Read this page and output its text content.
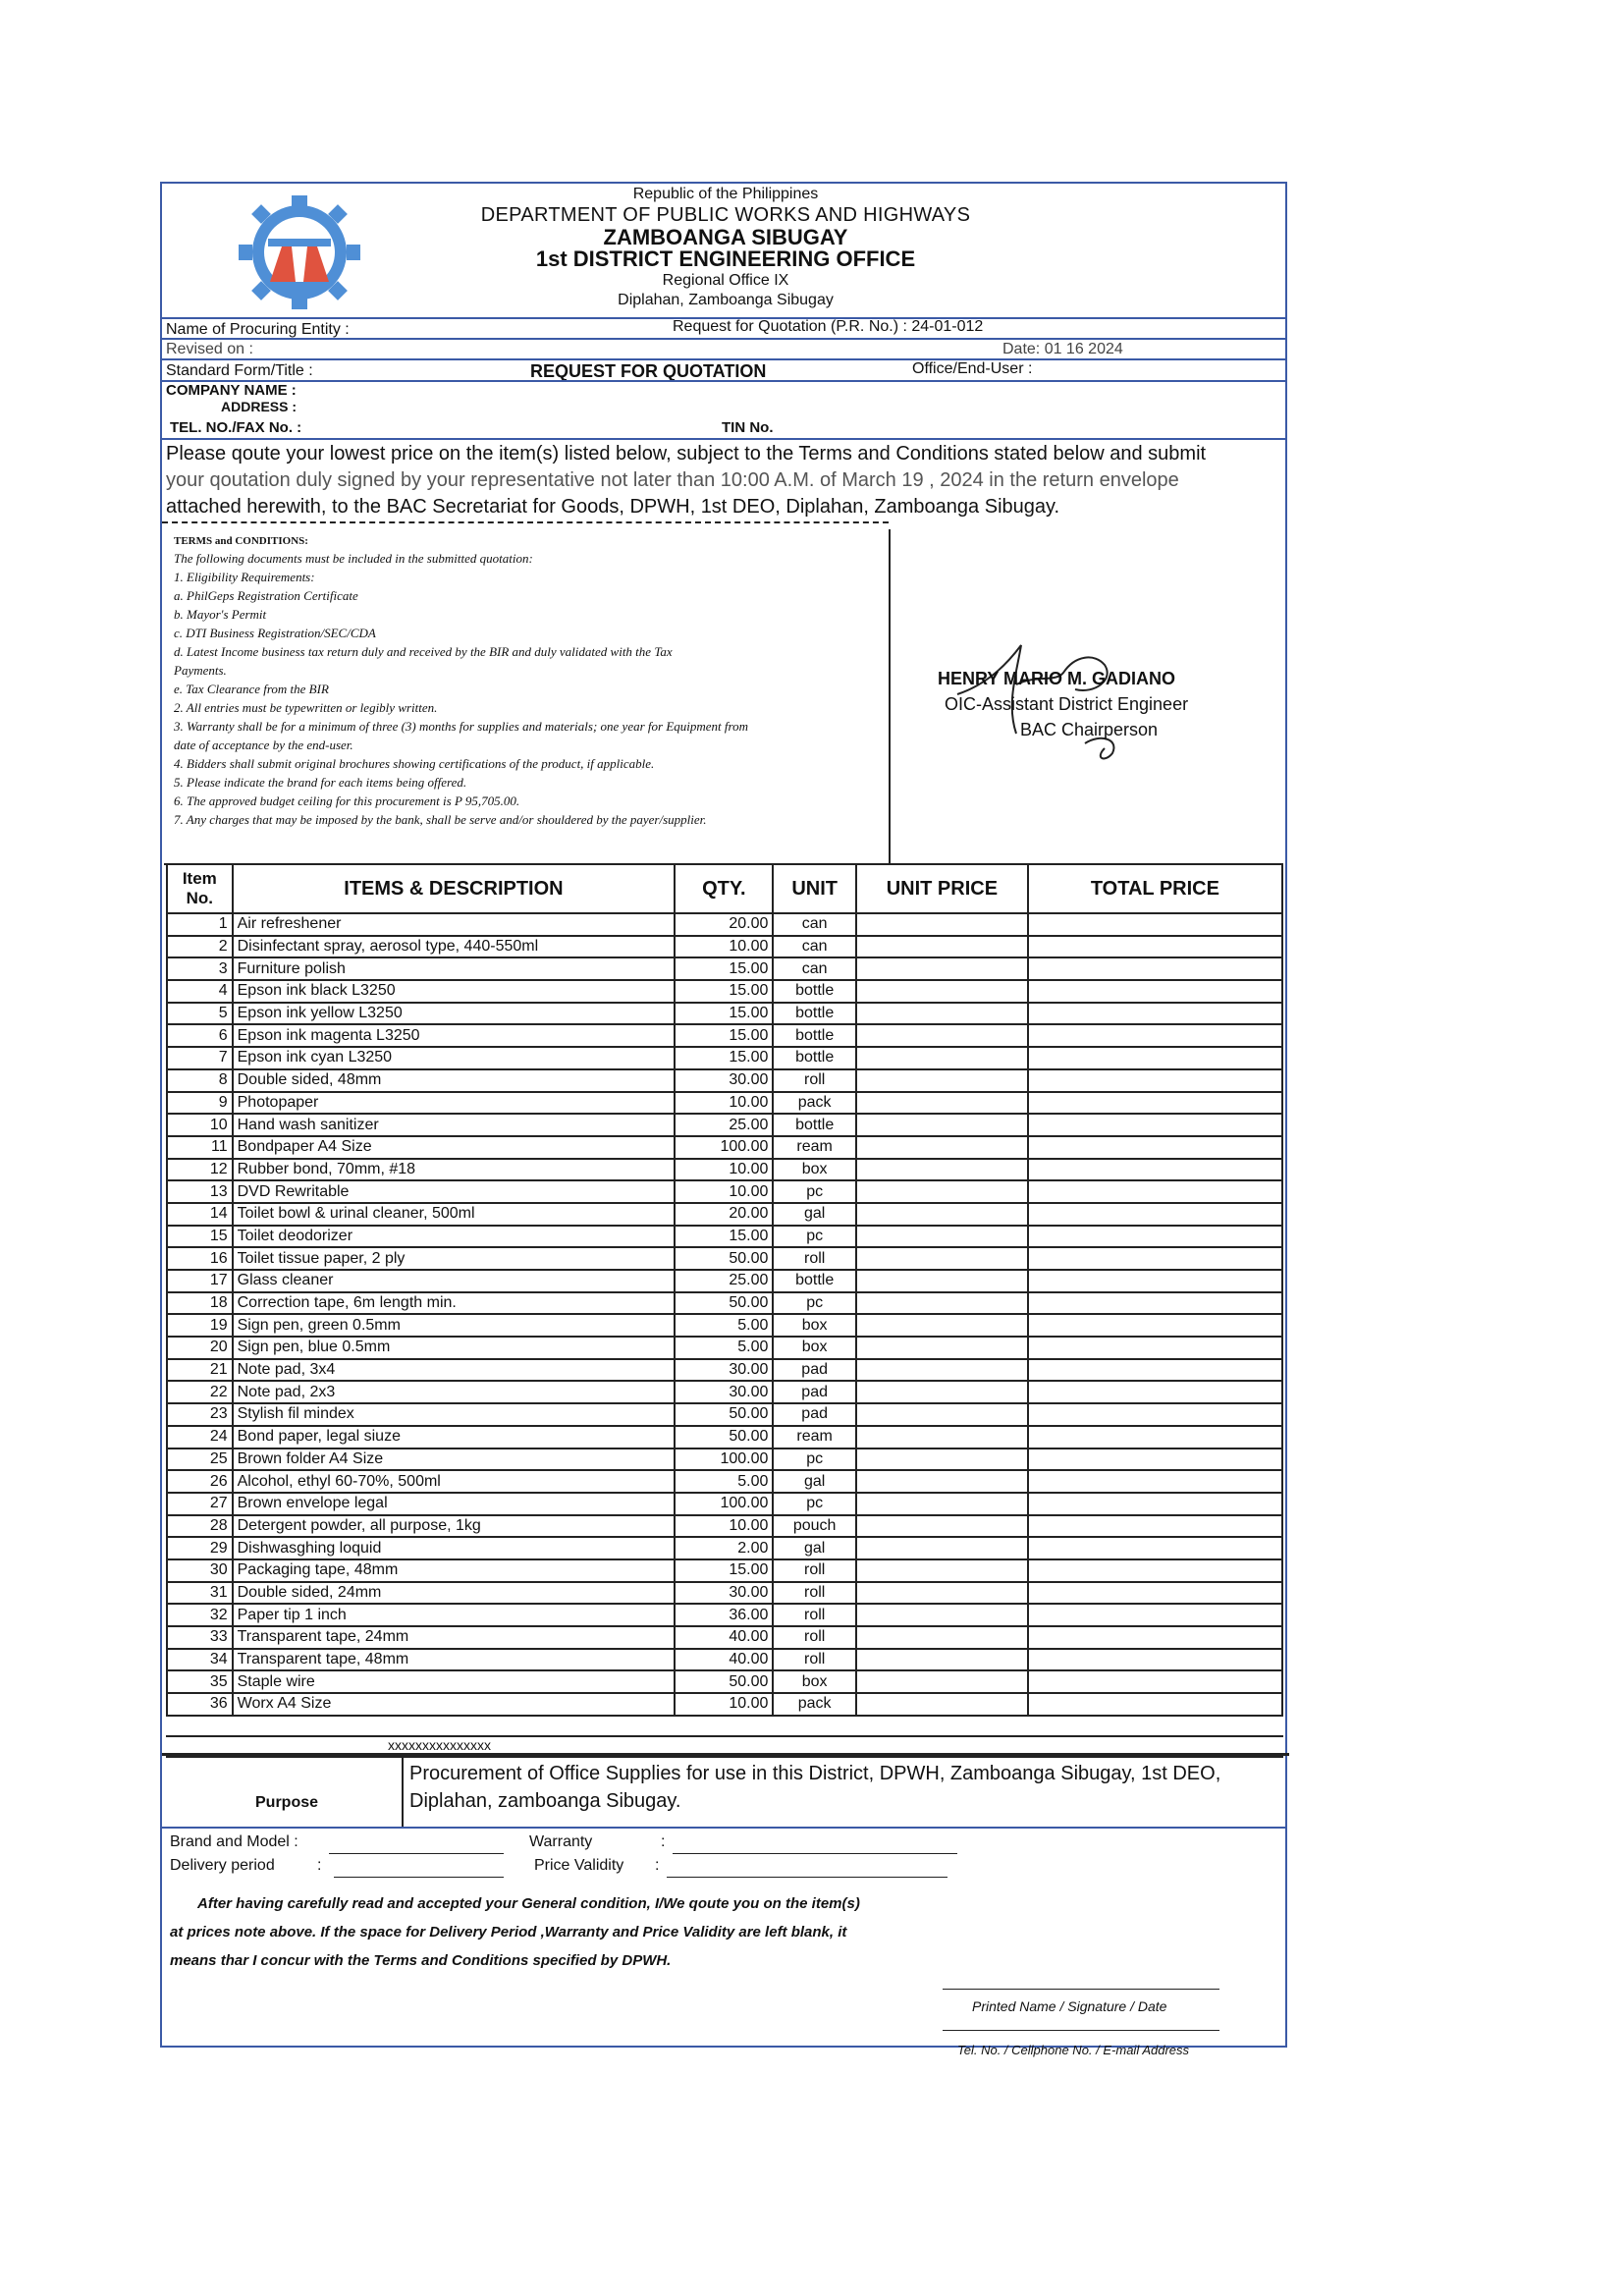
Republic of the Philippines
DEPARTMENT OF PUBLIC WORKS AND HIGHWAYS
ZAMBOANGA SIBUGAY
1st DISTRICT ENGINEERING OFFICE
Regional Office IX
Diplahan, Zamboanga Sibugay
Name of Procuring Entity :	Request for Quotation (P.R. No.) : 24-01-012
Revised on :	Date: 01 16 2024
Standard Form/Title :	REQUEST FOR QUOTATION	Office/End-User :
COMPANY NAME :
ADDRESS :
TEL. NO./FAX No. :	TIN No.
Please qoute your lowest price on the item(s) listed below, subject to the Terms and Conditions stated below and submit
your qoutation duly signed by your representative not later than 10:00 A.M. of March 19 , 2024 in the return envelope
attached herewith, to the BAC Secretariat for Goods, DPWH, 1st DEO, Diplahan, Zamboanga Sibugay.
TERMS and CONDITIONS:
The following documents must be included in the submitted quotation:
1. Eligibility Requirements:
a. PhilGeps Registration Certificate
b. Mayor's Permit
c. DTI Business Registration/SEC/CDA
d. Latest Income business tax return duly and received by the BIR and duly validated with the Tax
Payments.
e. Tax Clearance from the BIR
2. All entries must be typewritten or legibly written.
3. Warranty shall be for a minimum of three (3) months for supplies and materials; one year for Equipment from
date of acceptance by the end-user.
4. Bidders shall submit original brochures showing certifications of the product, if applicable.
5. Please indicate the brand for each items being offered.
6. The approved budget ceiling for this procurement is P 95,705.00.
7. Any charges that may be imposed by the bank, shall be serve and/or shouldered by the payer/supplier.
HENRY MARIO M. GADIANO
OIC-Assistant District Engineer
BAC Chairperson
Item No.	ITEMS & DESCRIPTION	QTY.	UNIT	UNIT PRICE	TOTAL PRICE
1	Air refreshener	20.00	can		
2	Disinfectant spray, aerosol type, 440-550ml	10.00	can		
3	Furniture polish	15.00	can		
4	Epson ink black L3250	15.00	bottle		
5	Epson ink yellow L3250	15.00	bottle		
6	Epson ink magenta L3250	15.00	bottle		
7	Epson ink cyan L3250	15.00	bottle		
8	Double sided, 48mm	30.00	roll		
9	Photopaper	10.00	pack		
10	Hand wash sanitizer	25.00	bottle		
11	Bondpaper A4 Size	100.00	ream		
12	Rubber bond, 70mm, #18	10.00	box		
13	DVD Rewritable	10.00	pc		
14	Toilet bowl & urinal cleaner, 500ml	20.00	gal		
15	Toilet deodorizer	15.00	pc		
16	Toilet tissue paper, 2 ply	50.00	roll		
17	Glass cleaner	25.00	bottle		
18	Correction tape, 6m length min.	50.00	pc		
19	Sign pen, green 0.5mm	5.00	box		
20	Sign pen, blue 0.5mm	5.00	box		
21	Note pad, 3x4	30.00	pad		
22	Note pad, 2x3	30.00	pad		
23	Stylish fil mindex	50.00	pad		
24	Bond paper, legal siuze	50.00	ream		
25	Brown folder A4 Size	100.00	pc		
26	Alcohol, ethyl 60-70%, 500ml	5.00	gal		
27	Brown envelope legal	100.00	pc		
28	Detergent powder, all purpose, 1kg	10.00	pouch		
29	Dishwasghing loquid	2.00	gal		
30	Packaging tape, 48mm	15.00	roll		
31	Double sided, 24mm	30.00	roll		
32	Paper tip 1 inch	36.00	roll		
33	Transparent tape, 24mm	40.00	roll		
34	Transparent tape, 48mm	40.00	roll		
35	Staple wire	50.00	box		
36	Worx A4 Size	10.00	pack		
xxxxxxxxxxxxxxx
Purpose
Procurement of Office Supplies for use in this District, DPWH, Zamboanga Sibugay, 1st DEO,
Diplahan, zamboanga Sibugay.
Brand and Model :	Warranty	:
Delivery period	:	Price Validity :
After having carefully read and accepted your General condition, I/We qoute you on the item(s)
at prices note above. If the space for Delivery Period ,Warranty and Price Validity are left blank, it
means thar I concur with the Terms and Conditions specified by DPWH.
Printed Name / Signature / Date
Tel. No. / Cellphone No. / E-mail Address
